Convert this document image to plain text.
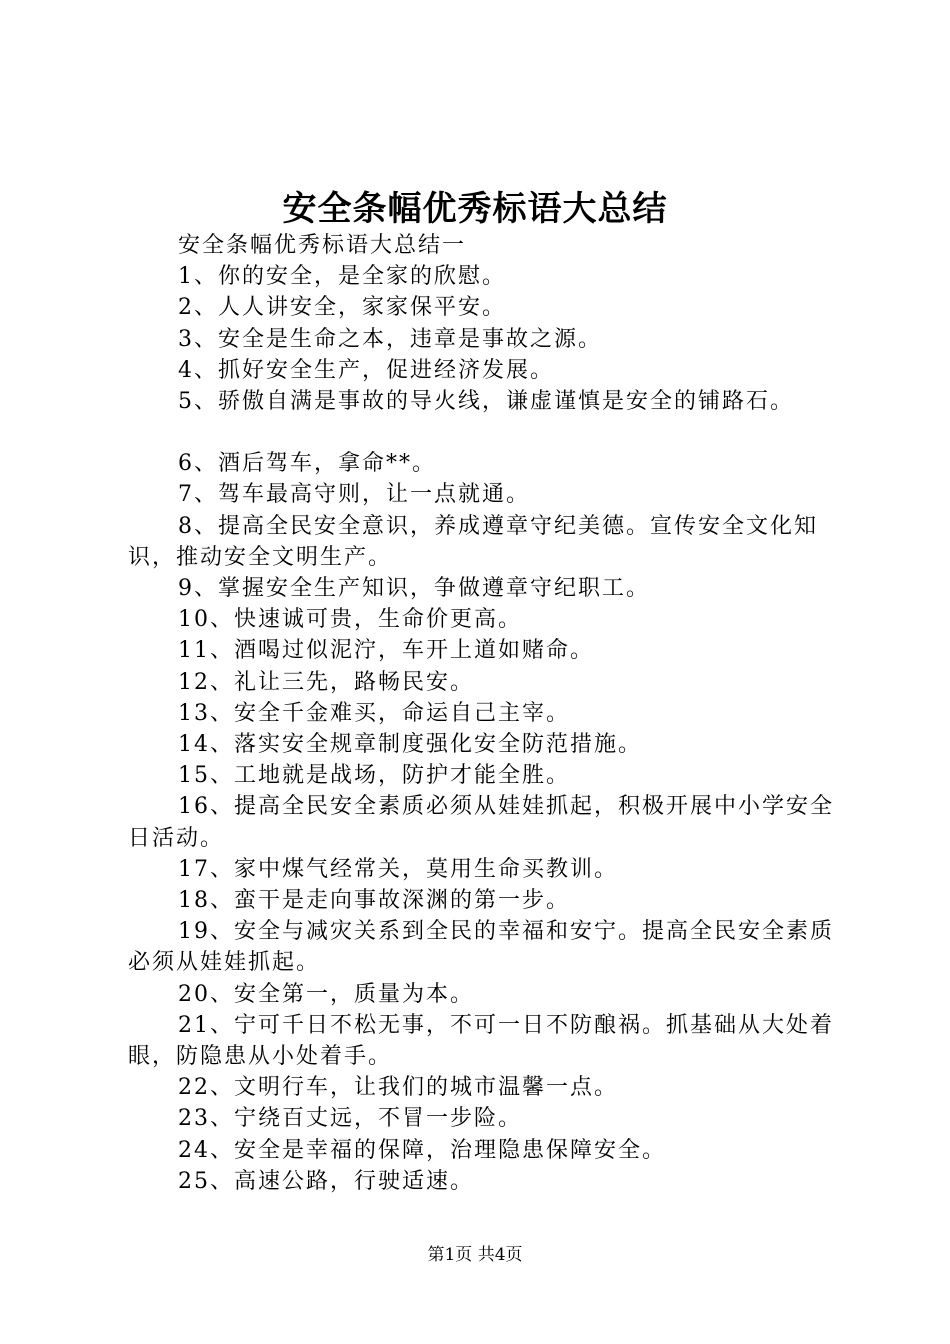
安全条幅优秀标语大总结

安全条幅优秀标语大总结一

1、你的安全，是全家的欣慰。

2、人人讲安全，家家保平安。

3、安全是生命之本，违章是事故之源。

4、抓好安全生产，促进经济发展。

5、骄傲自满是事故的导火线，谦虚谨慎是安全的铺路石。

6、酒后驾车，拿命**。

7、驾车最高守则，让一点就通。

8、提高全民安全意识，养成遵章守纪美德。宣传安全文化知识，推动安全文明生产。

9、掌握安全生产知识，争做遵章守纪职工。

10、快速诚可贵，生命价更高。

11、酒喝过似泥泞，车开上道如赌命。

12、礼让三先，路畅民安。

13、安全千金难买，命运自己主宰。

14、落实安全规章制度强化安全防范措施。

15、工地就是战场，防护才能全胜。

16、提高全民安全素质必须从娃娃抓起，积极开展中小学安全日活动。

17、家中煤气经常关，莫用生命买教训。

18、蛮干是走向事故深渊的第一步。

19、安全与减灾关系到全民的幸福和安宁。提高全民安全素质必须从娃娃抓起。

20、安全第一，质量为本。

21、宁可千日不松无事，不可一日不防酿祸。抓基础从大处着眼，防隐患从小处着手。

22、文明行车，让我们的城市温馨一点。

23、宁绕百丈远，不冒一步险。

24、安全是幸福的保障，治理隐患保障安全。

25、高速公路，行驶适速。

第1页 共4页
